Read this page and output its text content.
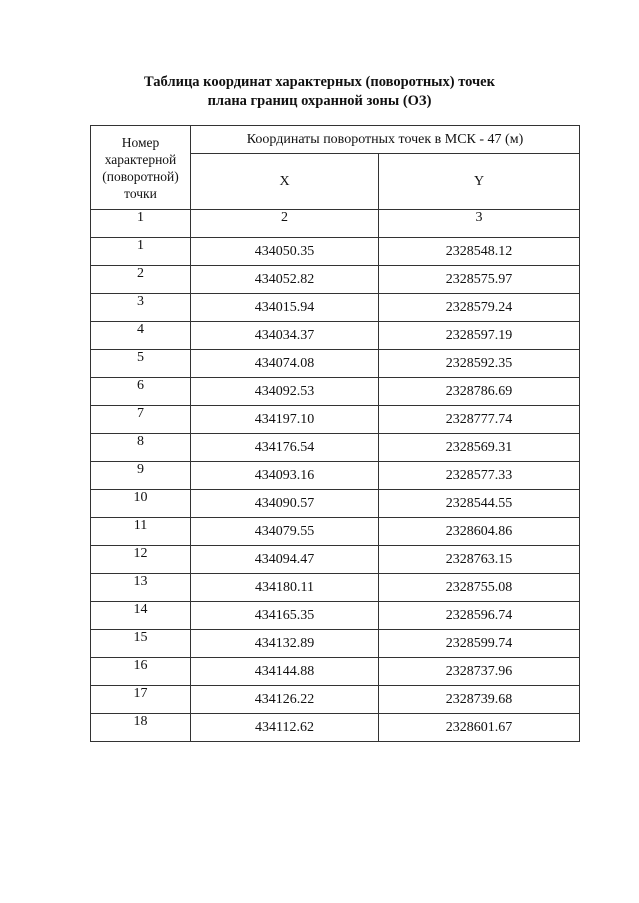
Таблица координат характерных (поворотных) точек
плана границ охранной зоны (ОЗ)
Номер
характерной
(поворотной)
точки	Координаты поворотных точек в МСК - 47 (м)	
	X	Y
1	2	3
1	434050.35	2328548.12
2	434052.82	2328575.97
3	434015.94	2328579.24
4	434034.37	2328597.19
5	434074.08	2328592.35
6	434092.53	2328786.69
7	434197.10	2328777.74
8	434176.54	2328569.31
9	434093.16	2328577.33
10	434090.57	2328544.55
11	434079.55	2328604.86
12	434094.47	2328763.15
13	434180.11	2328755.08
14	434165.35	2328596.74
15	434132.89	2328599.74
16	434144.88	2328737.96
17	434126.22	2328739.68
18	434112.62	2328601.67
